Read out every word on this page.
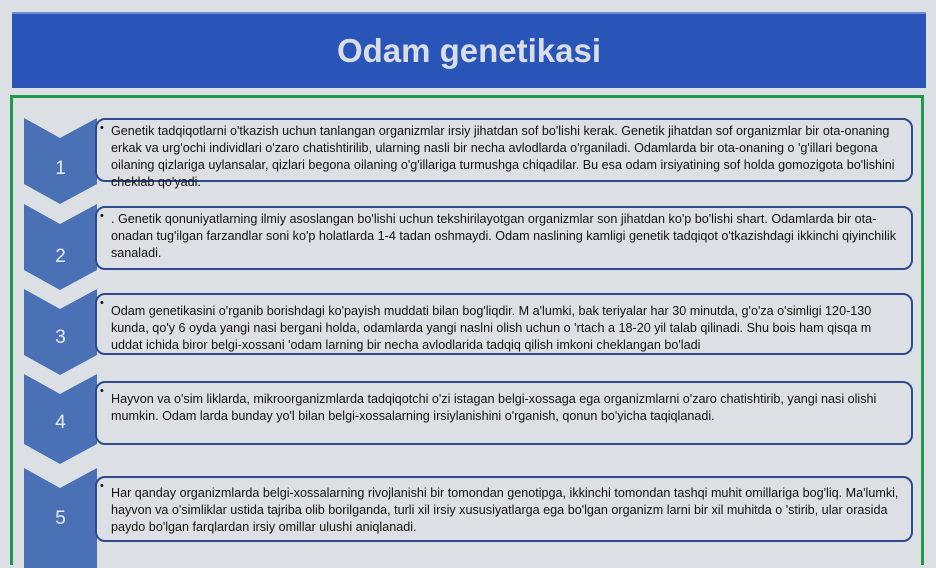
Odam genetikasi
1
• Genetik tadqiqotlarni o'tkazish uchun tanlangan organizmlar irsiy jihatdan sof bo'lishi kerak. Genetik jihatdan sof organizmlar bir ota-onaning erkak va urg'ochi individlari o'zaro chatishtirilib, ularning nasli bir necha avlodlarda o'rganiladi. Odamlarda bir ota-onaning o 'g'illari begona oilaning qizlariga uylansalar, qizlari begona oilaning o'g'illariga turmushga chiqadilar. Bu esa odam irsiyatining sof holda gomozigota bo'lishini cheklab qo'yadi.
2
• . Genetik qonuniyatlarning ilmiy asoslangan bo'lishi uchun tekshirilayotgan organizmlar son jihatdan ko'p bo'lishi shart. Odamlarda bir ota-onadan tug'ilgan farzandlar soni ko'p holatlarda 1-4 tadan oshmaydi. Odam naslining kamligi genetik tadqiqot o'tkazishdagi ikkinchi qiyinchilik sanaladi.
3
•
Odam genetikasini o'rganib borishdagi ko'payish muddati bilan bog'liqdir. M a'lumki, bak teriyalar har 30 minutda, g'o'za o'simligi 120-130 kunda, qo'y 6 oyda yangi nasi bergani holda, odamlarda yangi naslni olish uchun o 'rtach a 18-20 yil talab qilinadi. Shu bois ham qisqa m uddat ichida biror belgi-xossani 'odam larning bir necha avlodlarida tadqiq qilish imkoni cheklangan bo'ladi
4
•
Hayvon va o'sim liklarda, mikroorganizmlarda tadqiqotchi o'zi istagan belgi-xossaga ega organizmlarni o'zaro chatishtirib, yangi nasi olishi mumkin. Odam larda bunday yo'l bilan belgi-xossalarning irsiylanishini o'rganish, qonun bo'yicha taqiqlanadi.
5
• Har qanday organizmlarda belgi-xossalarning rivojlanishi bir tomondan genotipga, ikkinchi tomondan tashqi muhit omillariga bog'liq. Ma'lumki, hayvon va o'simliklar ustida tajriba olib borilganda, turli xil irsiy xususiyatlarga ega bo'lgan organizm larni bir xil muhitda o 'stirib, ular orasida paydo bo'lgan farqlardan irsiy omillar ulushi aniqlanadi.
